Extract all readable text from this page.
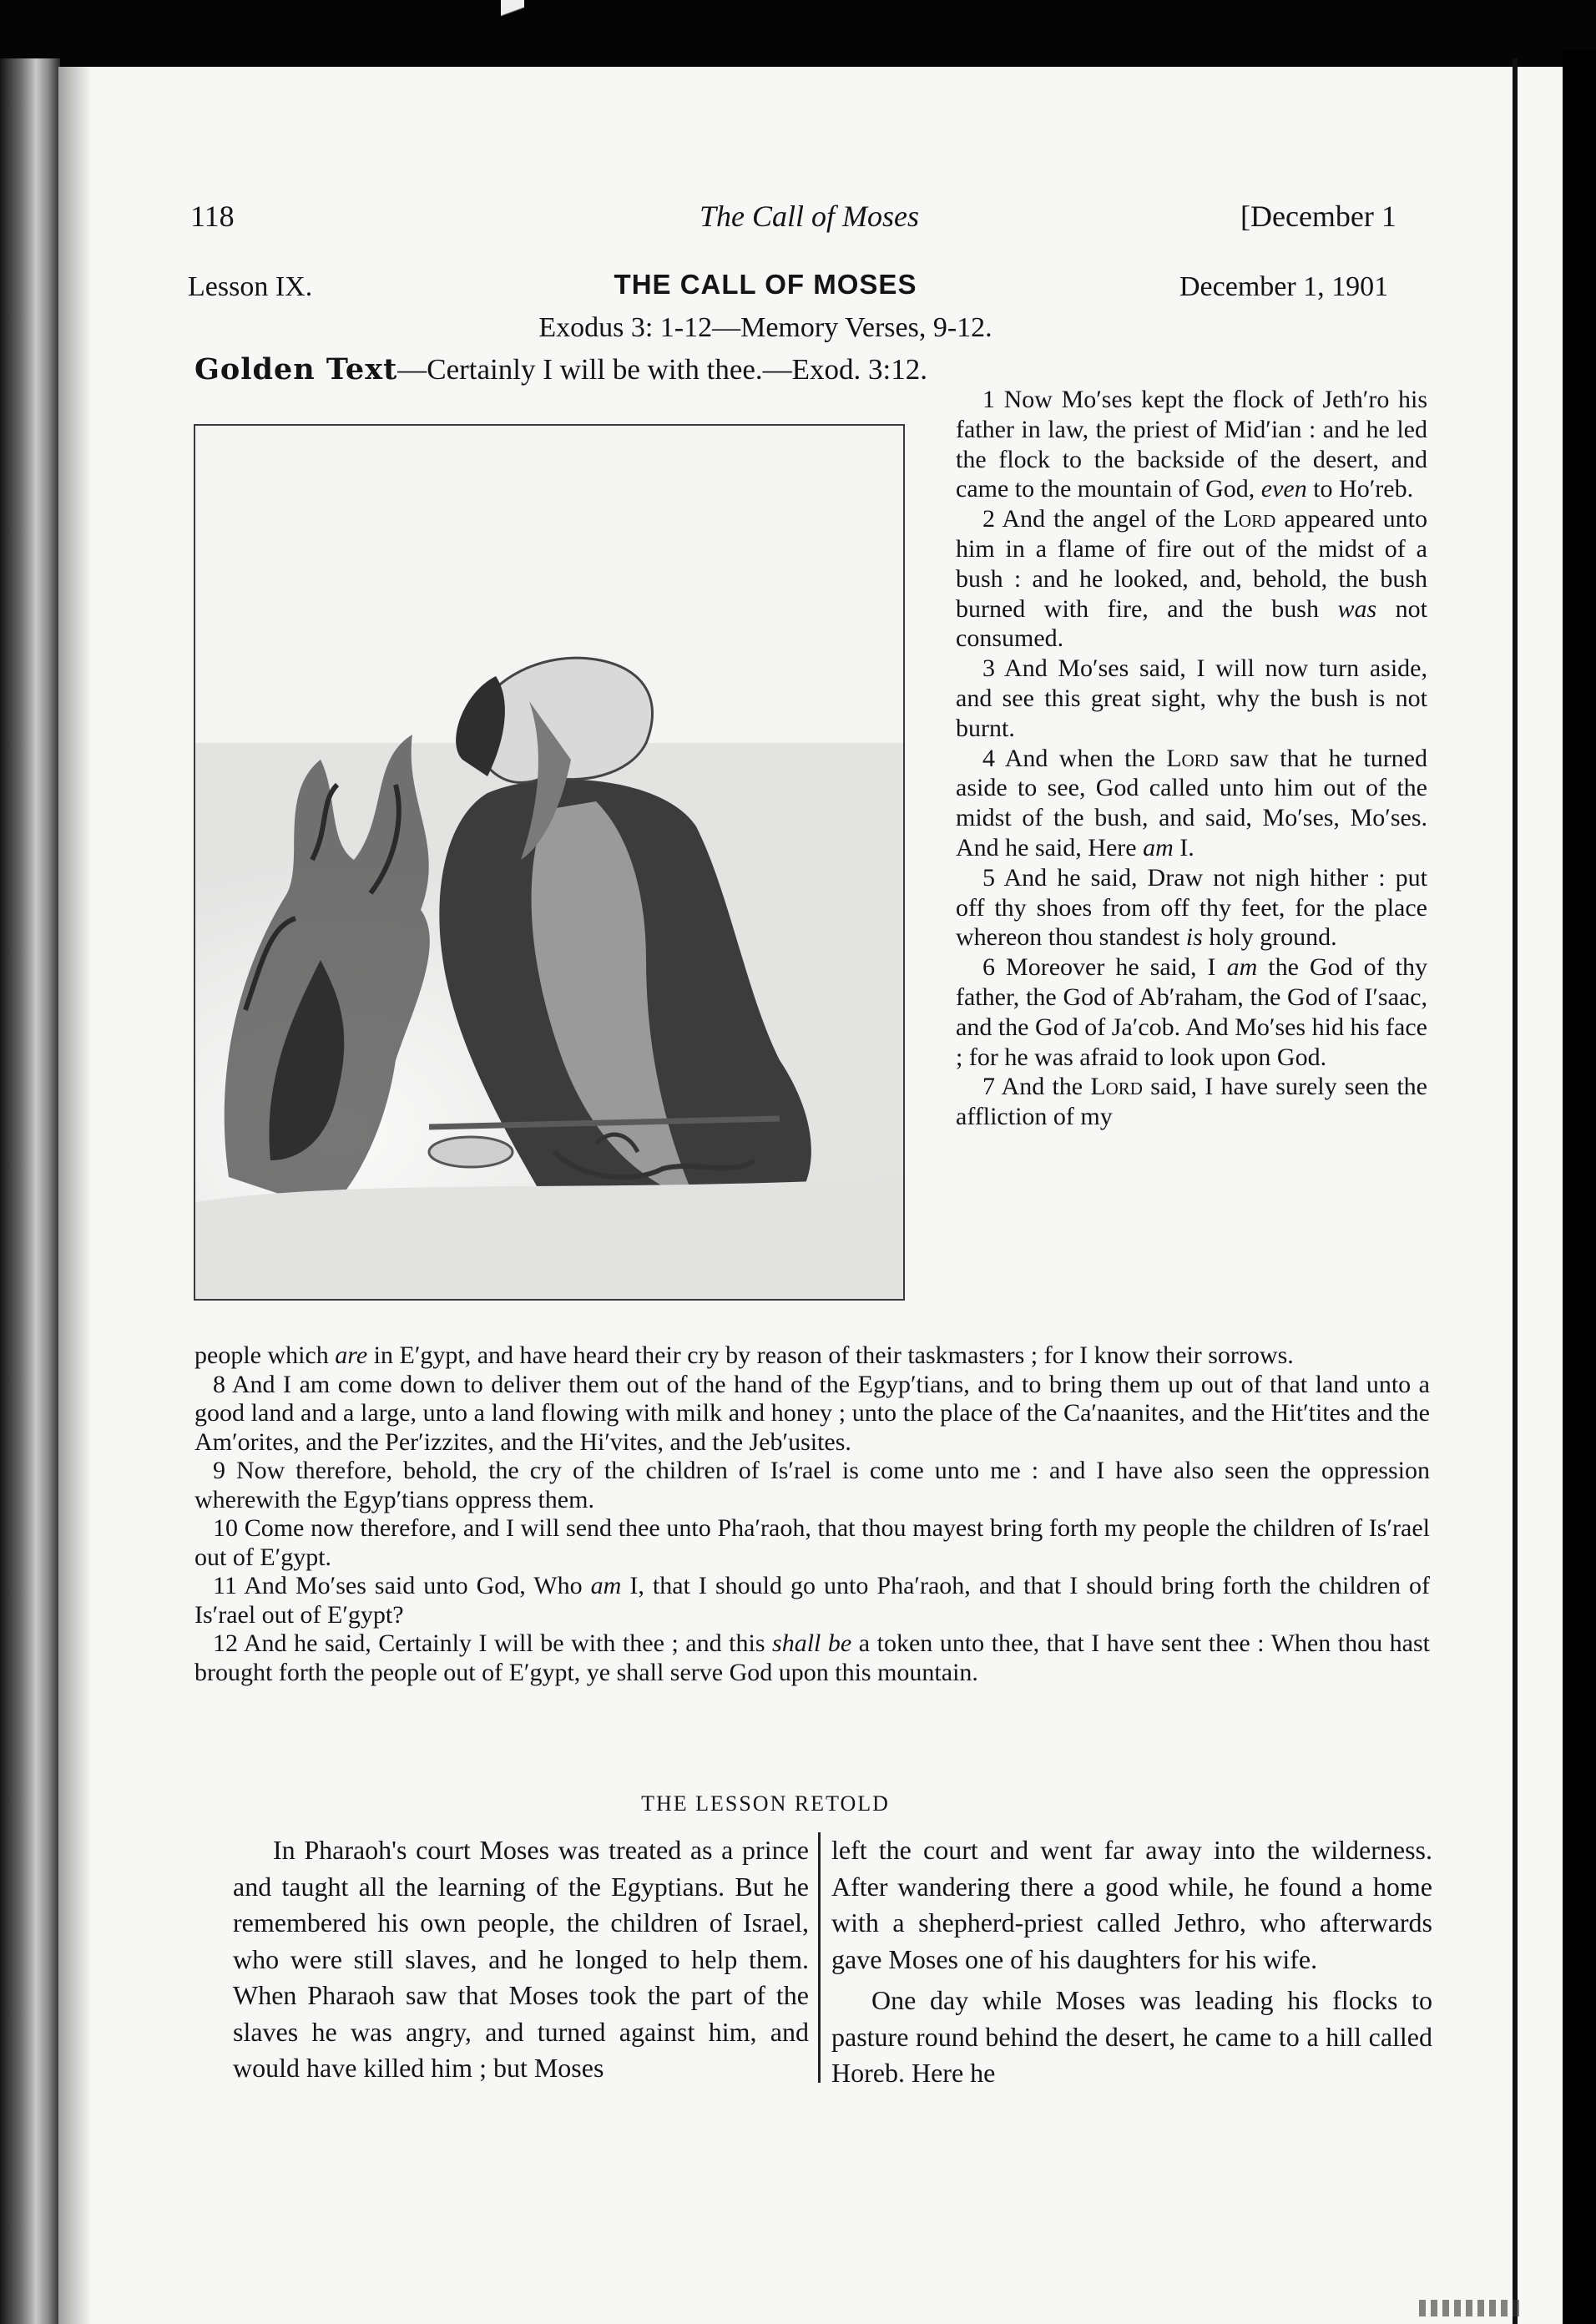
118	The Call of Moses	[December 1
Lesson IX.	THE CALL OF MOSES	December 1, 1901
Exodus 3: 1-12—Memory Verses, 9-12.
Golden Text—Certainly I will be with thee.—Exod. 3:12.

1 Now Mo′ses kept the flock of Jeth′ro his father in law, the priest of Mid′ian : and he led the flock to the backside of the desert, and came to the mountain of God, even to Ho′reb.

2 And the angel of the Lord appeared unto him in a flame of fire out of the midst of a bush : and he looked, and, behold, the bush burned with fire, and the bush was not consumed.

3 And Mo′ses said, I will now turn aside, and see this great sight, why the bush is not burnt.

4 And when the Lord saw that he turned aside to see, God called unto him out of the midst of the bush, and said, Mo′ses, Mo′ses. And he said, Here am I.

5 And he said, Draw not nigh hither : put off thy shoes from off thy feet, for the place whereon thou standest is holy ground.

6 Moreover he said, I am the God of thy father, the God of Ab′raham, the God of I′saac, and the God of Ja′cob. And Mo′ses hid his face ; for he was afraid to look upon God.

7 And the Lord said, I have surely seen the affliction of my

people which are in E′gypt, and have heard their cry by reason of their taskmasters ; for I know their sorrows.

8 And I am come down to deliver them out of the hand of the Egyp′tians, and to bring them up out of that land unto a good land and a large, unto a land flowing with milk and honey ; unto the place of the Ca′naanites, and the Hit′tites and the Am′orites, and the Per′izzites, and the Hi′vites, and the Jeb′usites.

9 Now therefore, behold, the cry of the children of Is′rael is come unto me : and I have also seen the oppression wherewith the Egyp′tians oppress them.

10 Come now therefore, and I will send thee unto Pha′raoh, that thou mayest bring forth my people the children of Is′rael out of E′gypt.

11 And Mo′ses said unto God, Who am I, that I should go unto Pha′raoh, and that I should bring forth the children of Is′rael out of E′gypt?

12 And he said, Certainly I will be with thee ; and this shall be a token unto thee, that I have sent thee : When thou hast brought forth the people out of E′gypt, ye shall serve God upon this mountain.

THE LESSON RETOLD

In Pharaoh's court Moses was treated as a prince and taught all the learning of the Egyptians. But he remembered his own people, the children of Israel, who were still slaves, and he longed to help them. When Pharaoh saw that Moses took the part of the slaves he was angry, and turned against him, and would have killed him ; but Moses

left the court and went far away into the wilderness. After wandering there a good while, he found a home with a shepherd-priest called Jethro, who afterwards gave Moses one of his daughters for his wife.

One day while Moses was leading his flocks to pasture round behind the desert, he came to a hill called Horeb. Here he
